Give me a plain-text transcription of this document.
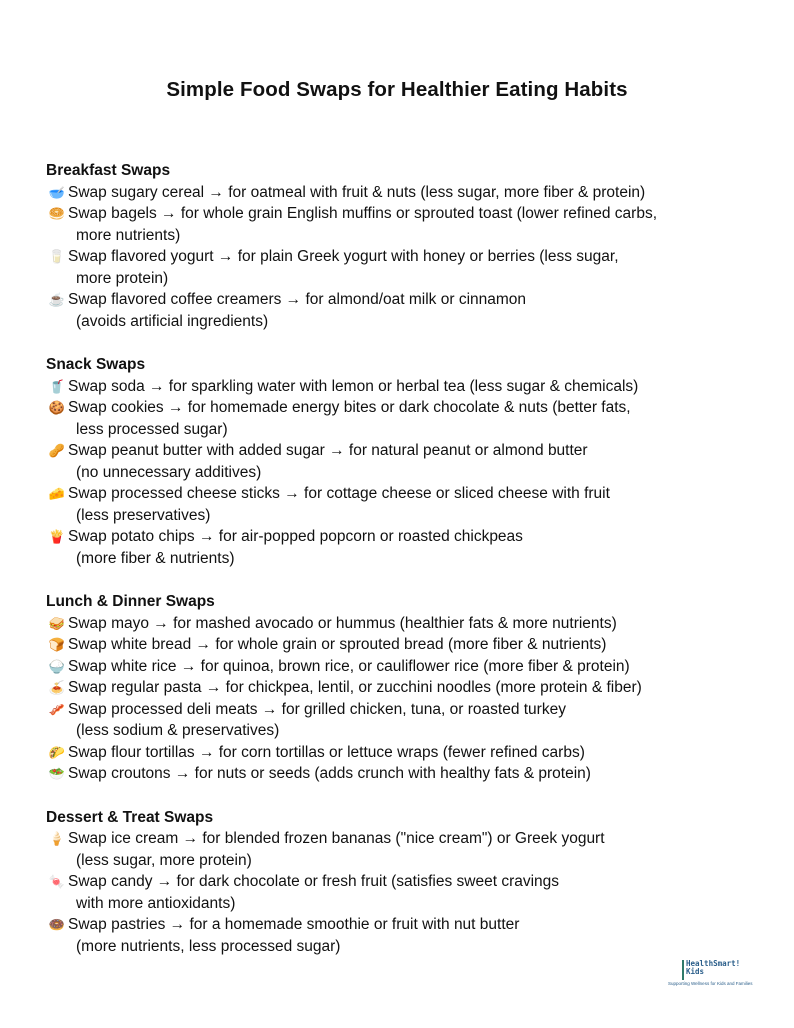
Simple Food Swaps for Healthier Eating Habits
Breakfast Swaps
🥣 Swap sugary cereal → for oatmeal with fruit & nuts (less sugar, more fiber & protein)
🥯 Swap bagels → for whole grain English muffins or sprouted toast (lower refined carbs,
more nutrients)
🥛 Swap flavored yogurt → for plain Greek yogurt with honey or berries (less sugar,
more protein)
☕ Swap flavored coffee creamers → for almond/oat milk or cinnamon
(avoids artificial ingredients)
Snack Swaps
🥤 Swap soda → for sparkling water with lemon or herbal tea (less sugar & chemicals)
🍪 Swap cookies → for homemade energy bites or dark chocolate & nuts (better fats,
less processed sugar)
🥜 Swap peanut butter with added sugar → for natural peanut or almond butter
(no unnecessary additives)
🧀 Swap processed cheese sticks → for cottage cheese or sliced cheese with fruit
(less preservatives)
🍟 Swap potato chips → for air-popped popcorn or roasted chickpeas
(more fiber & nutrients)
Lunch & Dinner Swaps
🥪 Swap mayo → for mashed avocado or hummus (healthier fats & more nutrients)
🍞 Swap white bread → for whole grain or sprouted bread (more fiber & nutrients)
🍚 Swap white rice → for quinoa, brown rice, or cauliflower rice (more fiber & protein)
🍝 Swap regular pasta → for chickpea, lentil, or zucchini noodles (more protein & fiber)
🥓 Swap processed deli meats → for grilled chicken, tuna, or roasted turkey
(less sodium & preservatives)
🌮 Swap flour tortillas → for corn tortillas or lettuce wraps (fewer refined carbs)
🥗 Swap croutons → for nuts or seeds (adds crunch with healthy fats & protein)
Dessert & Treat Swaps
🍦 Swap ice cream → for blended frozen bananas ("nice cream") or Greek yogurt
(less sugar, more protein)
🍬 Swap candy → for dark chocolate or fresh fruit (satisfies sweet cravings
with more antioxidants)
🍩 Swap pastries → for a homemade smoothie or fruit with nut butter
(more nutrients, less processed sugar)
HealthSmart! Kids
Supporting Wellness for Kids and Families
